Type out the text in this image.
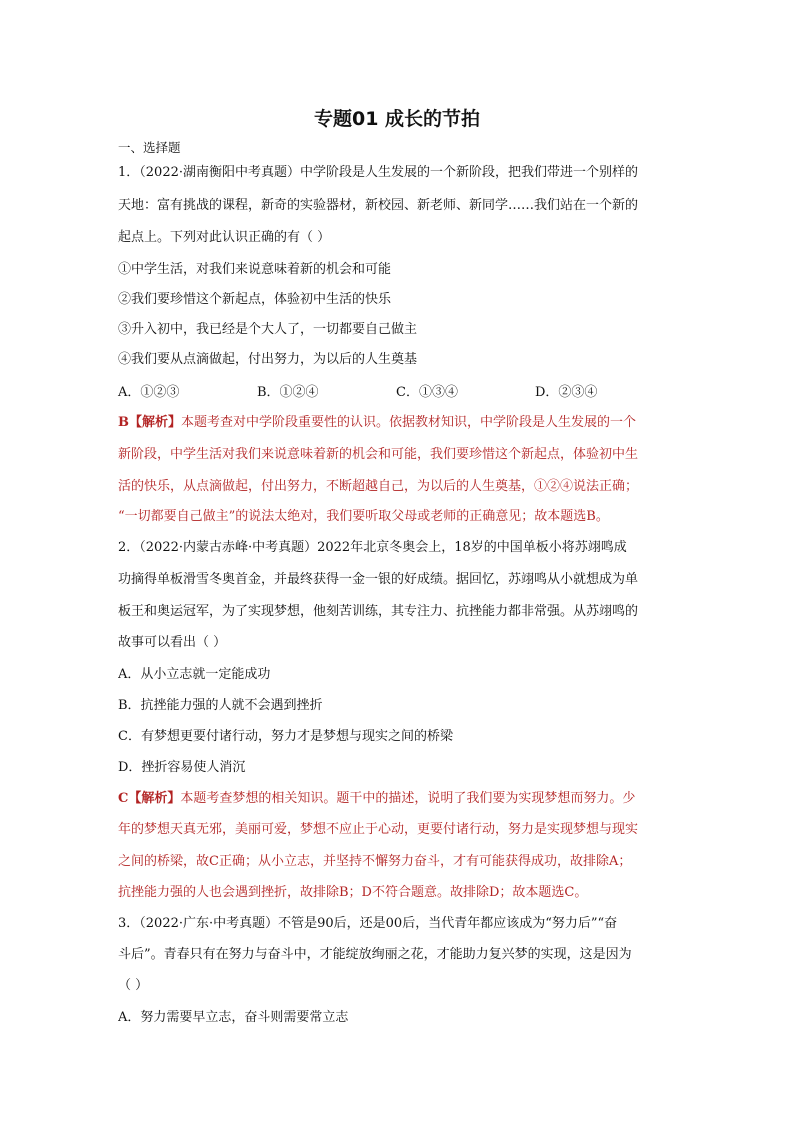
专题01 成长的节拍
一、选择题
1．（2022·湖南衡阳中考真题）中学阶段是人生发展的一个新阶段，把我们带进一个别样的
天地：富有挑战的课程，新奇的实验器材，新校园、新老师、新同学……我们站在一个新的
起点上。下列对此认识正确的有（ ）
①中学生活，对我们来说意味着新的机会和可能
②我们要珍惜这个新起点，体验初中生活的快乐
③升入初中，我已经是个大人了，一切都要自己做主
④我们要从点滴做起，付出努力，为以后的人生奠基
A．①②③	B．①②④	C．①③④	D．②③④
B【解析】本题考查对中学阶段重要性的认识。依据教材知识，中学阶段是人生发展的一个
新阶段，中学生活对我们来说意味着新的机会和可能，我们要珍惜这个新起点，体验初中生
活的快乐，从点滴做起，付出努力，不断超越自己，为以后的人生奠基，①②④说法正确；
“一切都要自己做主”的说法太绝对，我们要听取父母或老师的正确意见；故本题选B。
2．（2022·内蒙古赤峰·中考真题）2022年北京冬奥会上，18岁的中国单板小将苏翊鸣成
功摘得单板滑雪冬奥首金，并最终获得一金一银的好成绩。据回忆，苏翊鸣从小就想成为单
板王和奥运冠军，为了实现梦想，他刻苦训练，其专注力、抗挫能力都非常强。从苏翊鸣的
故事可以看出（ ）
A．从小立志就一定能成功
B．抗挫能力强的人就不会遇到挫折
C．有梦想更要付诸行动，努力才是梦想与现实之间的桥梁
D．挫折容易使人消沉
C【解析】本题考查梦想的相关知识。题干中的描述，说明了我们要为实现梦想而努力。少
年的梦想天真无邪，美丽可爱，梦想不应止于心动，更要付诸行动，努力是实现梦想与现实
之间的桥梁，故C正确；从小立志，并坚持不懈努力奋斗，才有可能获得成功，故排除A；
抗挫能力强的人也会遇到挫折，故排除B；D不符合题意。故排除D；故本题选C。
3．（2022·广东·中考真题）不管是90后，还是00后，当代青年都应该成为“努力后”“奋
斗后”。青春只有在努力与奋斗中，才能绽放绚丽之花，才能助力复兴梦的实现，这是因为
（ ）
A．努力需要早立志，奋斗则需要常立志
